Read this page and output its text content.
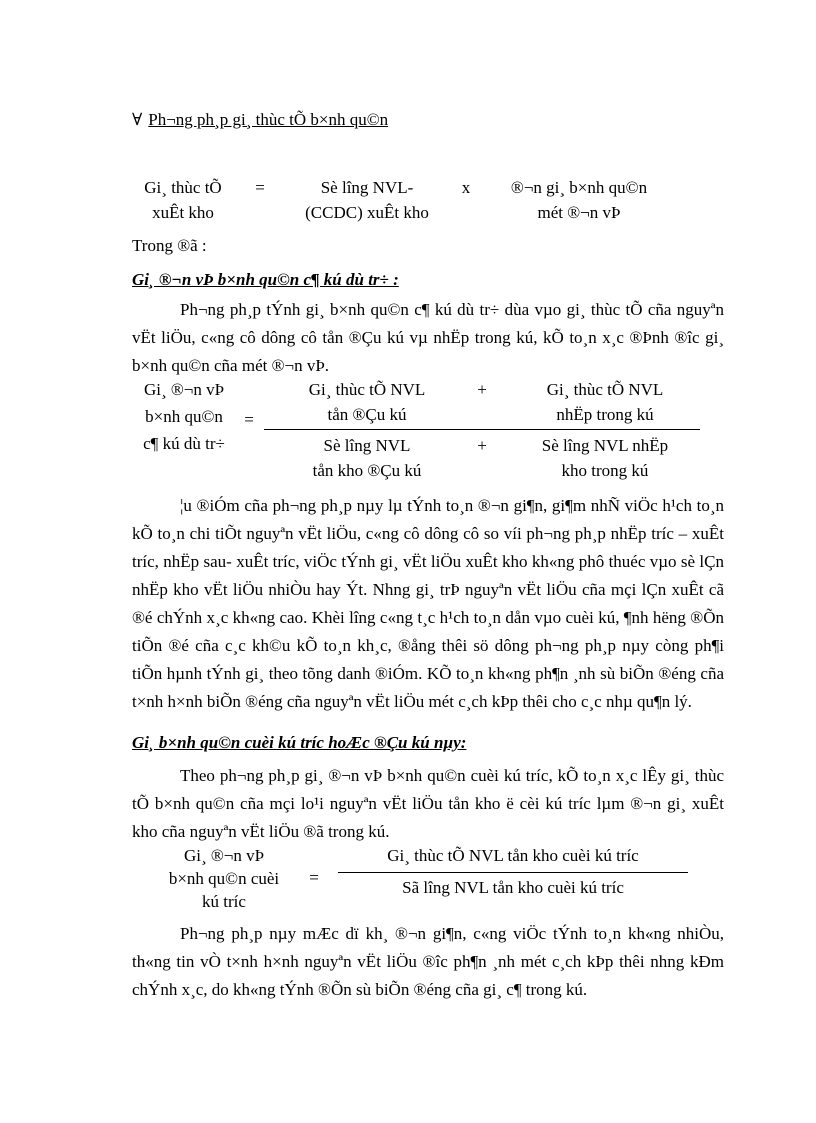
∀ Ph¬ng ph¸p gi¸ thùc tÕ b×nh qu©n
Gi¸ thùc tÕ
xuÊt kho
=	Sè lîng NVL-
(CCDC) xuÊt kho
x	®¬n gi¸ b×nh qu©n
mét ®¬n vÞ
Trong ®ã :
Gi¸ ®¬n vÞ b×nh qu©n c¶ kú dù tr÷ :
Ph¬ng ph¸p tÝnh gi¸ b×nh qu©n c¶ kú dù tr÷ dùa vµo gi¸ thùc tÕ cña nguyªn vËt liÖu, c«ng cô dông cô tån ®Çu kú vµ nhËp trong kú, kÕ to¸n x¸c ®Þnh ®îc gi¸ b×nh qu©n cña mét ®¬n vÞ.
Gi¸ ®¬n vÞ
b×nh qu©n
c¶ kú dù tr÷
=
Gi¸ thùc tÕ NVL
tån ®Çu kú
+	Gi¸ thùc tÕ NVL
nhËp trong kú
Sè lîng NVL
tån kho ®Çu kú
+	Sè lîng NVL nhËp
kho trong kú
¦u ®iÓm cña ph¬ng ph¸p nµy lµ tÝnh to¸n ®¬n gi¶n, gi¶m nhÑ viÖc h¹ch to¸n kÕ to¸n chi tiÕt nguyªn vËt liÖu, c«ng cô dông cô so víi ph¬ng ph¸p nhËp tríc – xuÊt tríc, nhËp sau- xuÊt tríc, viÖc tÝnh gi¸ vËt liÖu xuÊt kho kh«ng phô thuéc vµo sè lÇn nhËp kho vËt liÖu nhiÒu hay Ýt. Nhng gi¸ trÞ nguyªn vËt liÖu cña mçi lÇn xuÊt cã ®é chÝnh x¸c kh«ng cao. Khèi lîng c«ng t¸c h¹ch to¸n dån vµo cuèi kú, ¶nh hëng ®Õn tiÕn ®é cña c¸c kh©u kÕ to¸n kh¸c, ®ång thêi sö dông ph¬ng ph¸p nµy còng ph¶i tiÕn hµnh tÝnh gi¸ theo tõng danh ®iÓm. KÕ to¸n kh«ng ph¶n ¸nh sù biÕn ®éng cña t×nh h×nh biÕn ®éng cña nguyªn vËt liÖu mét c¸ch kÞp thêi cho c¸c nhµ qu¶n lý.
Gi¸ b×nh qu©n cuèi kú tríc hoÆc ®Çu kú nµy:
Theo ph¬ng ph¸p gi¸ ®¬n vÞ b×nh qu©n cuèi kú tríc, kÕ to¸n x¸c lÊy gi¸ thùc tÕ b×nh qu©n cña mçi lo¹i nguyªn vËt liÖu tån kho ë cèi kú tríc lµm ®¬n gi¸ xuÊt kho cña nguyªn vËt liÖu ®ã trong kú.
Gi¸ ®¬n vÞ
b×nh qu©n cuèi
kú tríc
=
Gi¸ thùc tÕ NVL tån kho cuèi kú tríc
Sã lîng NVL tån kho cuèi kú tríc
Ph¬ng ph¸p nµy mÆc dï kh¸ ®¬n gi¶n, c«ng viÖc tÝnh to¸n kh«ng nhiÒu, th«ng tin vÒ t×nh h×nh nguyªn vËt liÖu ®îc ph¶n ¸nh mét c¸ch kÞp thêi nhng kÐm chÝnh x¸c, do kh«ng tÝnh ®Õn sù biÕn ®éng cña gi¸ c¶ trong kú.
